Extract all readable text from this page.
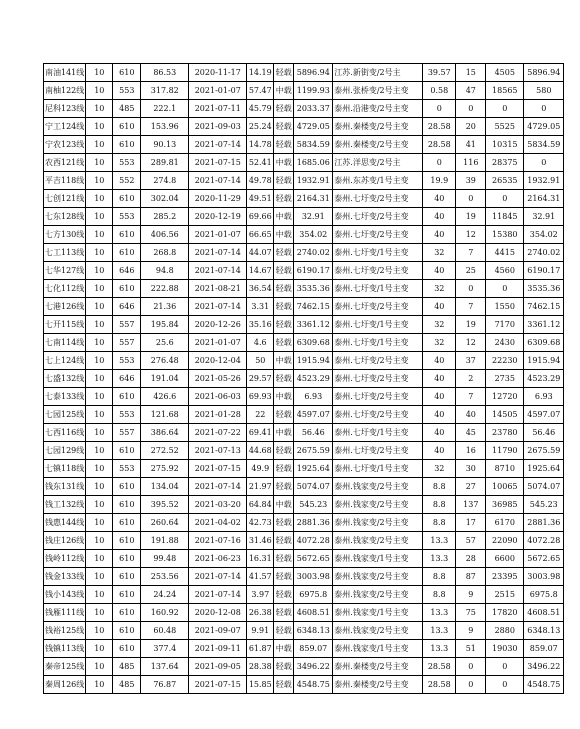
南油141线	10	610	86.53	2020-11-17	14.19	轻载	5896.94	江苏.新街变/2号主	39.57	15	4505	5896.94
南柚122线	10	553	317.82	2021-01-07	57.47	中载	1199.93	泰州.张桥变/2号主变	0.58	47	18565	580
尼科123线	10	485	222.1	2021-07-11	45.79	轻载	2033.37	泰州.沿港变/2号主变	0	0	0	0
宁工124线	10	610	153.96	2021-09-03	25.24	轻载	4729.05	泰州.秦楼变/2号主变	28.58	20	5525	4729.05
宁农123线	10	610	90.13	2021-07-14	14.78	轻载	5834.59	泰州.秦楼变/2号主变	28.58	41	10315	5834.59
农西121线	10	553	289.81	2021-07-15	52.41	中载	1685.06	江苏.洋思变/2号主	0	116	28375	0
平吉118线	10	552	274.8	2021-07-14	49.78	轻载	1932.91	泰州.东苏变/1号主变	19.9	39	26535	1932.91
七创121线	10	610	302.04	2020-11-29	49.51	轻载	2164.31	泰州.七圩变/2号主变	40	0	0	2164.31
七东128线	10	553	285.2	2020-12-19	69.66	中载	32.91	泰州.七圩变/2号主变	40	19	11845	32.91
七方130线	10	610	406.56	2021-01-07	66.65	中载	354.02	泰州.七圩变/2号主变	40	12	15380	354.02
七工113线	10	610	268.8	2021-07-14	44.07	轻载	2740.02	泰州.七圩变/1号主变	32	7	4415	2740.02
七华127线	10	646	94.8	2021-07-14	14.67	轻载	6190.17	泰州.七圩变/2号主变	40	25	4560	6190.17
七化112线	10	610	222.88	2021-08-21	36.54	轻载	3535.36	泰州.七圩变/1号主变	32	0	0	3535.36
七港126线	10	646	21.36	2021-07-14	3.31	轻载	7462.15	泰州.七圩变/2号主变	40	7	1550	7462.15
七开115线	10	557	195.84	2020-12-26	35.16	轻载	3361.12	泰州.七圩变/1号主变	32	19	7170	3361.12
七南114线	10	557	25.6	2021-01-07	4.6	轻载	6309.68	泰州.七圩变/1号主变	32	12	2430	6309.68
七上124线	10	553	276.48	2020-12-04	50	中载	1915.94	泰州.七圩变/2号主变	40	37	22230	1915.94
七盛132线	10	646	191.04	2021-05-26	29.57	轻载	4523.29	泰州.七圩变/2号主变	40	2	2735	4523.29
七泰133线	10	610	426.6	2021-06-03	69.93	中载	6.93	泰州.七圩变/2号主变	40	7	12720	6.93
七园125线	10	553	121.68	2021-01-28	22	轻载	4597.07	泰州.七圩变/2号主变	40	40	14505	4597.07
七西116线	10	557	386.64	2021-07-22	69.41	中载	56.46	泰州.七圩变/1号主变	40	45	23780	56.46
七园129线	10	610	272.52	2021-07-13	44.68	轻载	2675.59	泰州.七圩变/2号主变	40	16	11790	2675.59
七镇118线	10	553	275.92	2021-07-15	49.9	轻载	1925.64	泰州.七圩变/1号主变	32	30	8710	1925.64
钱东131线	10	610	134.04	2021-07-14	21.97	轻载	5074.07	泰州.钱家变/2号主变	8.8	27	10065	5074.07
钱工132线	10	610	395.52	2021-03-20	64.84	中载	545.23	泰州.钱家变/2号主变	8.8	137	36985	545.23
钱惠144线	10	610	260.64	2021-04-02	42.73	轻载	2881.36	泰州.钱家变/2号主变	8.8	17	6170	2881.36
钱庄126线	10	610	191.88	2021-07-16	31.46	轻载	4072.28	泰州.钱家变/2号主变	13.3	57	22090	4072.28
钱岭112线	10	610	99.48	2021-06-23	16.31	轻载	5672.65	泰州.钱家变/1号主变	13.3	28	6600	5672.65
钱金133线	10	610	253.56	2021-07-14	41.57	轻载	3003.98	泰州.钱家变/2号主变	8.8	87	23395	3003.98
钱小143线	10	610	24.24	2021-07-14	3.97	轻载	6975.8	泰州.钱家变/2号主变	8.8	9	2515	6975.8
钱雁111线	10	610	160.92	2020-12-08	26.38	轻载	4608.51	泰州.钱家变/1号主变	13.3	75	17820	4608.51
钱裕125线	10	610	60.48	2021-09-07	9.91	轻载	6348.13	泰州.钱家变/2号主变	13.3	9	2880	6348.13
钱镇113线	10	610	377.4	2021-09-11	61.87	中载	859.07	泰州.钱家变/1号主变	13.3	51	19030	859.07
秦帝125线	10	485	137.64	2021-09-05	28.38	轻载	3496.22	泰州.秦楼变/2号主变	28.58	0	0	3496.22
秦周126线	10	485	76.87	2021-07-15	15.85	轻载	4548.75	泰州.秦楼变/2号主变	28.58	0	0	4548.75
